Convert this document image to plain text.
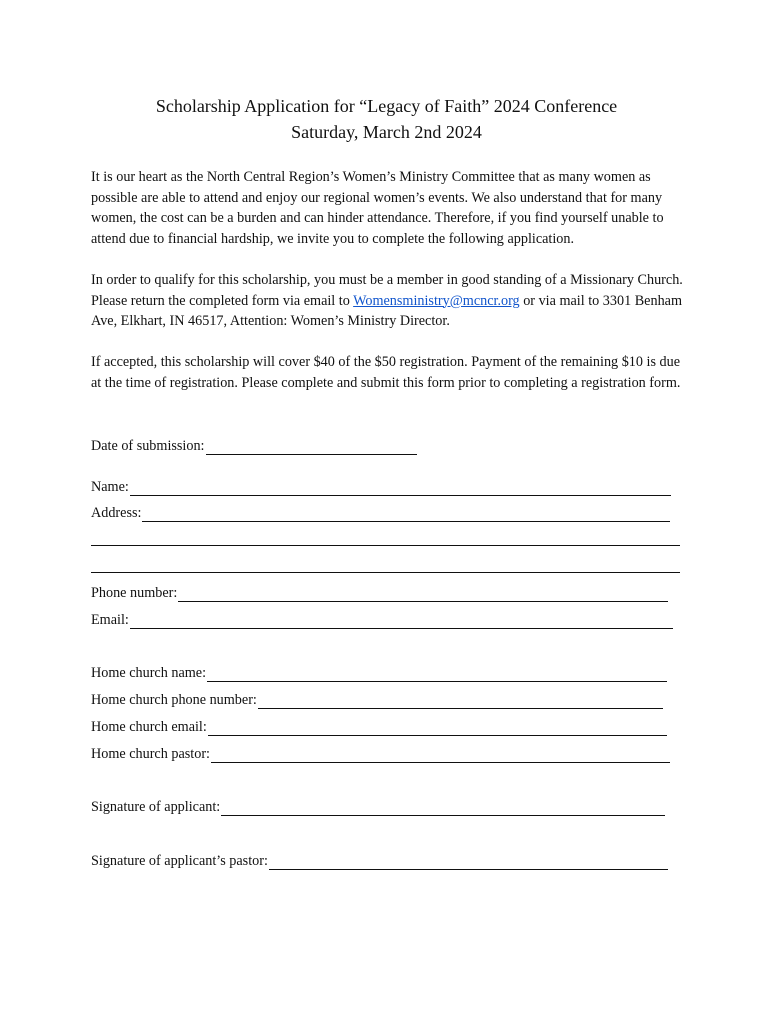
Scholarship Application for “Legacy of Faith” 2024 Conference
Saturday, March 2nd 2024

It is our heart as the North Central Region’s Women’s Ministry Committee that as many women as possible are able to attend and enjoy our regional women’s events. We also understand that for many women, the cost can be a burden and can hinder attendance. Therefore, if you find yourself unable to attend due to financial hardship, we invite you to complete the following application.

In order to qualify for this scholarship, you must be a member in good standing of a Missionary Church. Please return the completed form via email to Womensministry@mcncr.org or via mail to 3301 Benham Ave, Elkhart, IN 46517, Attention: Women’s Ministry Director.

If accepted, this scholarship will cover $40 of the $50 registration. Payment of the remaining $10 is due at the time of registration. Please complete and submit this form prior to completing a registration form.

Date of submission:
Name:
Address:
Phone number:
Email:
Home church name:
Home church phone number:
Home church email:
Home church pastor:
Signature of applicant:
Signature of applicant’s pastor:
